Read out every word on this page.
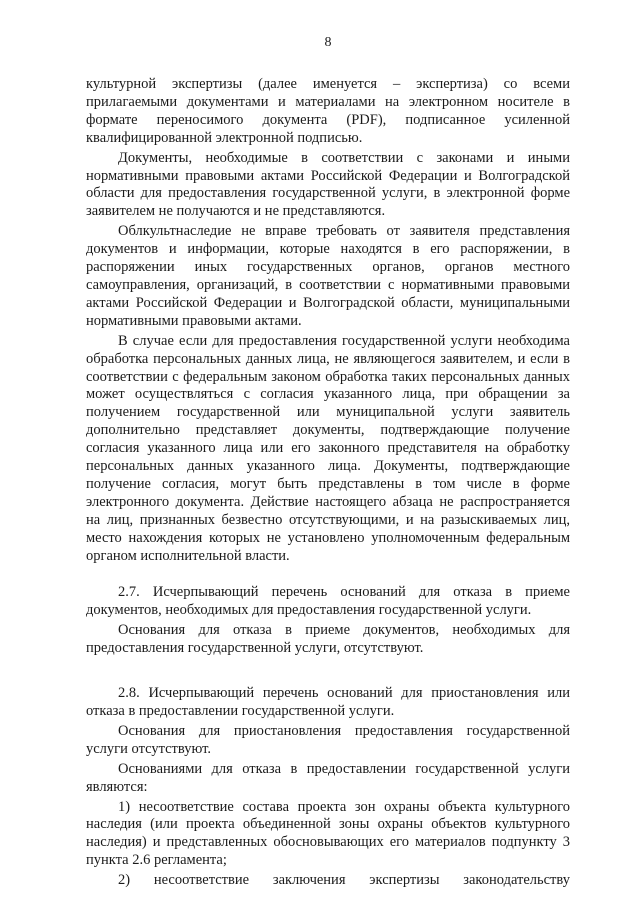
8

культурной экспертизы (далее именуется – экспертиза) со всеми прилагаемыми документами и материалами на электронном носителе в формате переносимого документа (PDF), подписанное усиленной квалифицированной электронной подписью.

Документы, необходимые в соответствии с законами и иными нормативными правовыми актами Российской Федерации и Волгоградской области для предоставления государственной услуги, в электронной форме заявителем не получаются и не представляются.

Облкультнаследие не вправе требовать от заявителя представления документов и информации, которые находятся в его распоряжении, в распоряжении иных государственных органов, органов местного самоуправления, организаций, в соответствии с нормативными правовыми актами Российской Федерации и Волгоградской области, муниципальными нормативными правовыми актами.

В случае если для предоставления государственной услуги необходима обработка персональных данных лица, не являющегося заявителем, и если в соответствии с федеральным законом обработка таких персональных данных может осуществляться с согласия указанного лица, при обращении за получением государственной или муниципальной услуги заявитель дополнительно представляет документы, подтверждающие получение согласия указанного лица или его законного представителя на обработку персональных данных указанного лица. Документы, подтверждающие получение согласия, могут быть представлены в том числе в форме электронного документа. Действие настоящего абзаца не распространяется на лиц, признанных безвестно отсутствующими, и на разыскиваемых лиц, место нахождения которых не установлено уполномоченным федеральным органом исполнительной власти.

2.7. Исчерпывающий перечень оснований для отказа в приеме документов, необходимых для предоставления государственной услуги.

Основания для отказа в приеме документов, необходимых для предоставления государственной услуги, отсутствуют.

2.8. Исчерпывающий перечень оснований для приостановления или отказа в предоставлении государственной услуги.

Основания для приостановления предоставления государственной услуги отсутствуют.

Основаниями для отказа в предоставлении государственной услуги являются:

1) несоответствие состава проекта зон охраны объекта культурного наследия (или проекта объединенной зоны охраны объектов культурного наследия) и представленных обосновывающих его материалов подпункту 3 пункта 2.6 регламента;

2) несоответствие заключения экспертизы законодательству
